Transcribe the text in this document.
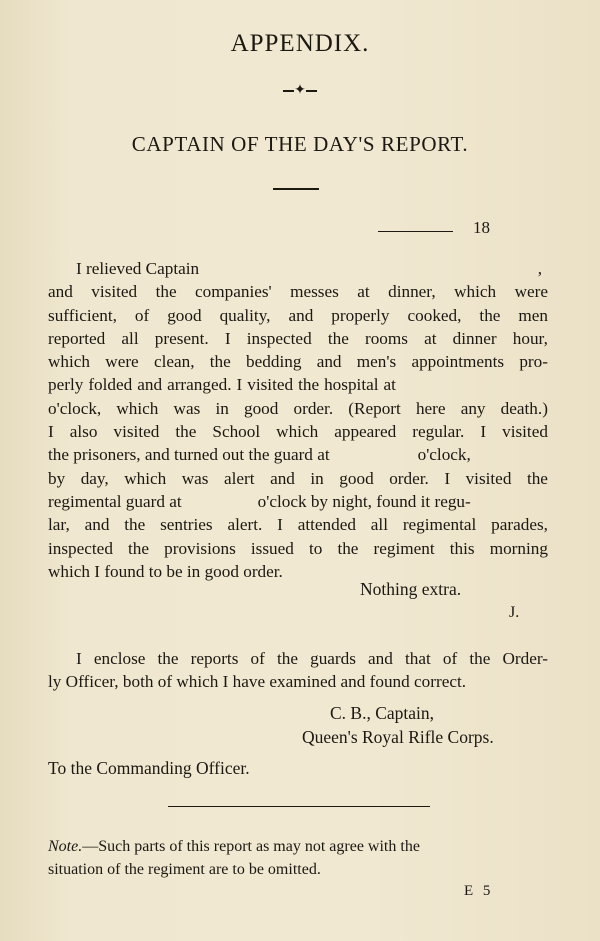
APPENDIX.
✦
CAPTAIN OF THE DAY'S REPORT.
18
I relieved Captain	,
and visited the companies' messes at dinner, which were
sufficient, of good quality, and properly cooked, the men
reported all present. I inspected the rooms at dinner hour,
which were clean, the bedding and men's appointments pro-
perly folded and arranged. I visited the hospital at
o'clock, which was in good order. (Report here any death.)
I also visited the School which appeared regular. I visited
the prisoners, and turned out the guard at	o'clock,
by day, which was alert and in good order. I visited the
regimental guard at	o'clock by night, found it regu-
lar, and the sentries alert. I attended all regimental parades,
inspected the provisions issued to the regiment this morning
which I found to be in good order.
Nothing extra.
J.
I enclose the reports of the guards and that of the Order-
ly Officer, both of which I have examined and found correct.
C. B., Captain,
Queen's Royal Rifle Corps.
To the Commanding Officer.
Note.—Such parts of this report as may not agree with the
situation of the regiment are to be omitted.
E 5
